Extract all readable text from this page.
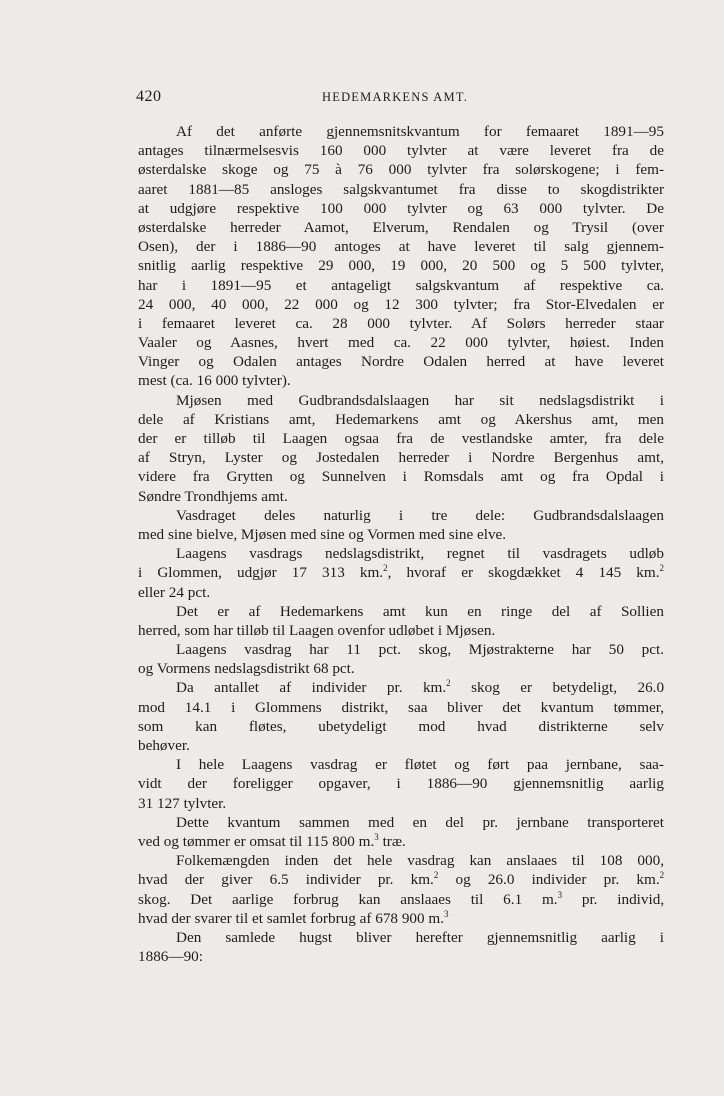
420	HEDEMARKENS AMT.
Af det anførte gjennemsnitskvantum for femaaret 1891—95
antages tilnærmelsesvis 160 000 tylvter at være leveret fra de
østerdalske skoge og 75 à 76 000 tylvter fra solørskogene; i fem-
aaret 1881—85 ansloges salgskvantumet fra disse to skogdistrikter
at udgjøre respektive 100 000 tylvter og 63 000 tylvter. De
østerdalske herreder Aamot, Elverum, Rendalen og Trysil (over
Osen), der i 1886—90 antoges at have leveret til salg gjennem-
snitlig aarlig respektive 29 000, 19 000, 20 500 og 5 500 tylvter,
har i 1891—95 et antageligt salgskvantum af respektive ca.
24 000, 40 000, 22 000 og 12 300 tylvter; fra Stor-Elvedalen er
i femaaret leveret ca. 28 000 tylvter. Af Solørs herreder staar
Vaaler og Aasnes, hvert med ca. 22 000 tylvter, høiest. Inden
Vinger og Odalen antages Nordre Odalen herred at have leveret
mest (ca. 16 000 tylvter).
Mjøsen med Gudbrandsdalslaagen har sit nedslagsdistrikt i
dele af Kristians amt, Hedemarkens amt og Akershus amt, men
der er tilløb til Laagen ogsaa fra de vestlandske amter, fra dele
af Stryn, Lyster og Jostedalen herreder i Nordre Bergenhus amt,
videre fra Grytten og Sunnelven i Romsdals amt og fra Opdal i
Søndre Trondhjems amt.
Vasdraget deles naturlig i tre dele: Gudbrandsdalslaagen
med sine bielve, Mjøsen med sine og Vormen med sine elve.
Laagens vasdrags nedslagsdistrikt, regnet til vasdragets udløb
i Glommen, udgjør 17 313 km.$^2$, hvoraf er skogdækket 4 145 km.$^2$
eller 24 pct.
Det er af Hedemarkens amt kun en ringe del af Sollien
herred, som har tilløb til Laagen ovenfor udløbet i Mjøsen.
Laagens vasdrag har 11 pct. skog, Mjøstrakterne har 50 pct.
og Vormens nedslagsdistrikt 68 pct.
Da antallet af individer pr. km.$^2$ skog er betydeligt, 26.0
mod 14.1 i Glommens distrikt, saa bliver det kvantum tømmer,
som kan fløtes, ubetydeligt mod hvad distrikterne selv
behøver.
I hele Laagens vasdrag er fløtet og ført paa jernbane, saa-
vidt der foreligger opgaver, i 1886—90 gjennemsnitlig aarlig
31 127 tylvter.
Dette kvantum sammen med en del pr. jernbane transporteret
ved og tømmer er omsat til 115 800 m.$^3$ træ.
Folkemængden inden det hele vasdrag kan anslaaes til 108 000,
hvad der giver 6.5 individer pr. km.$^2$ og 26.0 individer pr. km.$^2$
skog. Det aarlige forbrug kan anslaaes til 6.1 m.$^3$ pr. individ,
hvad der svarer til et samlet forbrug af 678 900 m.$^3$
Den samlede hugst bliver herefter gjennemsnitlig aarlig i
1886—90:
